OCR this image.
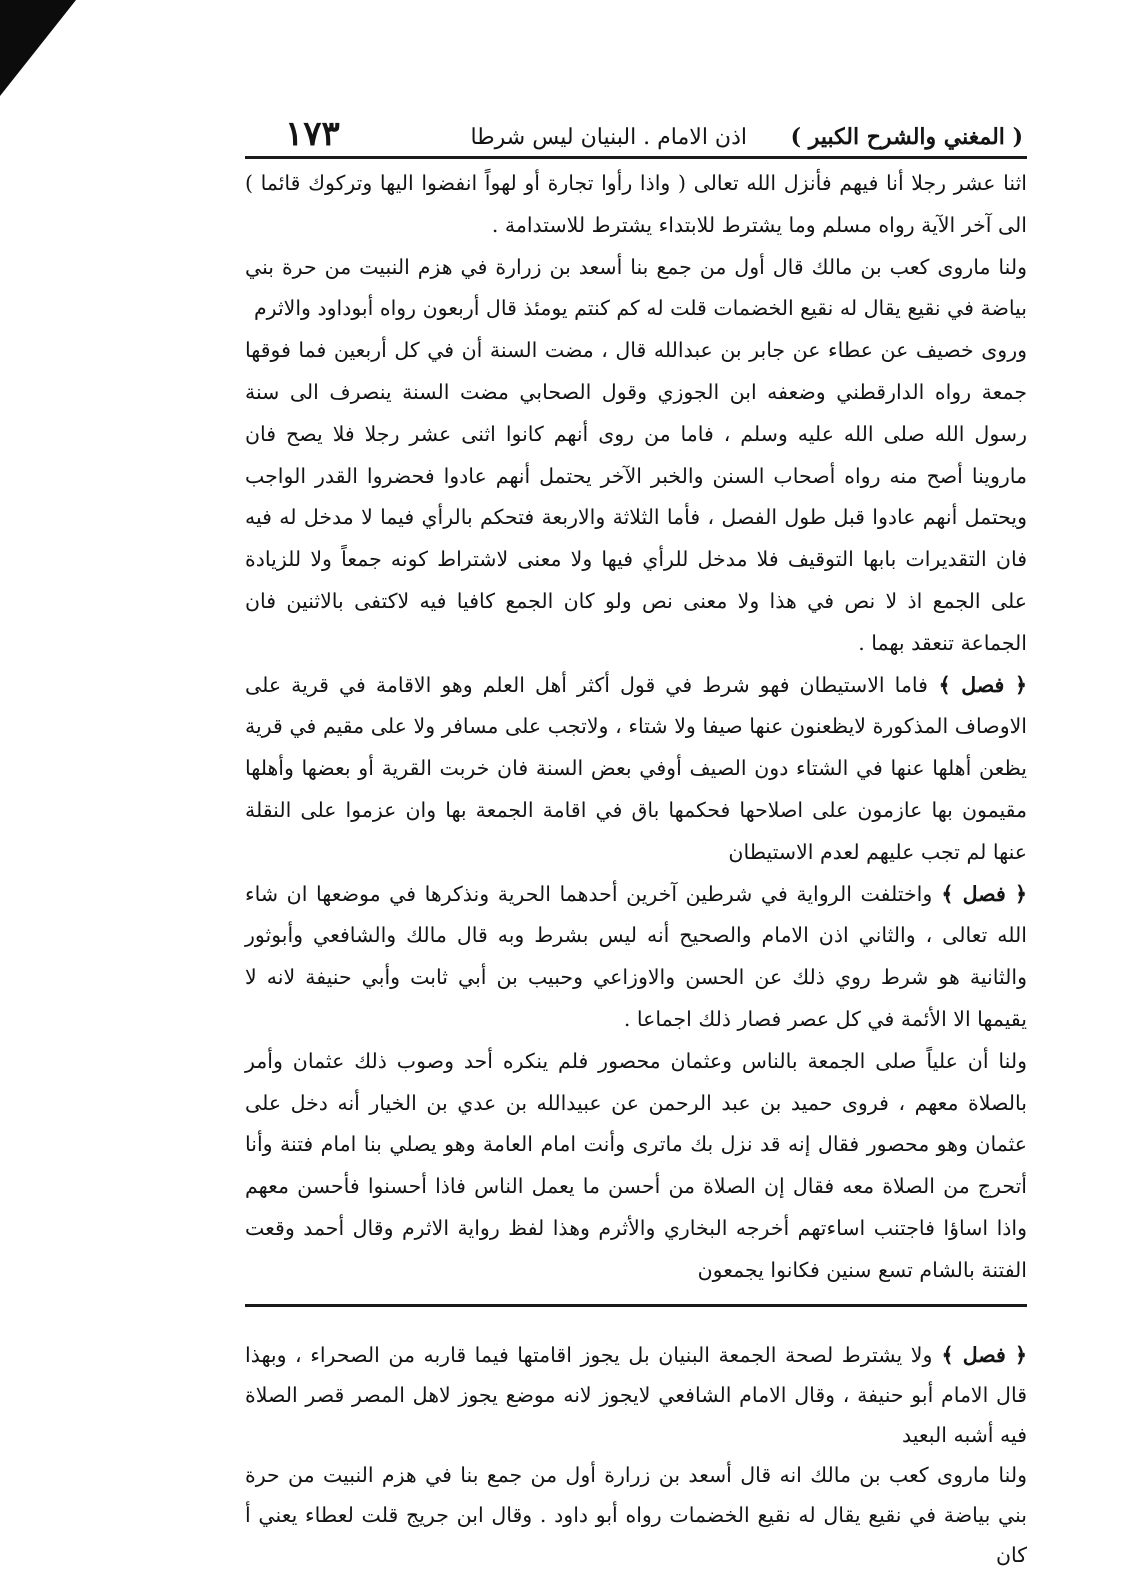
( المغني والشرح الكبير )
اذن الامام . البنيان ليس شرطا
١٧٣

اثنا عشر رجلا أنا فيهم فأنزل الله تعالى ( واذا رأوا تجارة أو لهواً انفضوا اليها وتركوك قائما ) الى آخر الآية رواه مسلم وما يشترط للابتداء يشترط للاستدامة .

ولنا ماروى كعب بن مالك قال أول من جمع بنا أسعد بن زرارة في هزم النبيت من حرة بني بياضة في نقيع يقال له نقيع الخضمات قلت له كم كنتم يومئذ قال أربعون رواه أبوداود والاثرم

وروى خصيف عن عطاء عن جابر بن عبدالله قال ، مضت السنة أن في كل أربعين فما فوقها جمعة رواه الدارقطني وضعفه ابن الجوزي وقول الصحابي مضت السنة ينصرف الى سنة رسول الله صلى الله عليه وسلم ، فاما من روى أنهم كانوا اثنى عشر رجلا فلا يصح فان ماروينا أصح منه رواه أصحاب السنن والخبر الآخر يحتمل أنهم عادوا فحضروا القدر الواجب ويحتمل أنهم عادوا قبل طول الفصل ، فأما الثلاثة والاربعة فتحكم بالرأي فيما لا مدخل له فيه فان التقديرات بابها التوقيف فلا مدخل للرأي فيها ولا معنى لاشتراط كونه جمعاً ولا للزيادة على الجمع اذ لا نص في هذا ولا معنى نص ولو كان الجمع كافيا فيه لاكتفى بالاثنين فان الجماعة تنعقد بهما .

﴿ فصل ﴾ فاما الاستيطان فهو شرط في قول أكثر أهل العلم وهو الاقامة في قرية على الاوصاف المذكورة لايظعنون عنها صيفا ولا شتاء ، ولاتجب على مسافر ولا على مقيم في قرية يظعن أهلها عنها في الشتاء دون الصيف أوفي بعض السنة فان خربت القرية أو بعضها وأهلها مقيمون بها عازمون على اصلاحها فحكمها باق في اقامة الجمعة بها وان عزموا على النقلة عنها لم تجب عليهم لعدم الاستيطان

﴿ فصل ﴾ واختلفت الرواية في شرطين آخرين أحدهما الحرية ونذكرها في موضعها ان شاء الله تعالى ، والثاني اذن الامام والصحيح أنه ليس بشرط وبه قال مالك والشافعي وأبوثور والثانية هو شرط روي ذلك عن الحسن والاوزاعي وحبيب بن أبي ثابت وأبي حنيفة لانه لا يقيمها الا الأئمة في كل عصر فصار ذلك اجماعا .

ولنا أن علياً صلى الجمعة بالناس وعثمان محصور فلم ينكره أحد وصوب ذلك عثمان وأمر بالصلاة معهم ، فروى حميد بن عبد الرحمن عن عبيدالله بن عدي بن الخيار أنه دخل على عثمان وهو محصور فقال إنه قد نزل بك ماترى وأنت امام العامة وهو يصلي بنا امام فتنة وأنا أتحرج من الصلاة معه فقال إن الصلاة من أحسن ما يعمل الناس فاذا أحسنوا فأحسن معهم واذا اساؤا فاجتنب اساءتهم أخرجه البخاري والأثرم وهذا لفظ رواية الاثرم وقال أحمد وقعت الفتنة بالشام تسع سنين فكانوا يجمعون

﴿ فصل ﴾ ولا يشترط لصحة الجمعة البنيان بل يجوز اقامتها فيما قاربه من الصحراء ، وبهذا قال الامام أبو حنيفة ، وقال الامام الشافعي لايجوز لانه موضع يجوز لاهل المصر قصر الصلاة فيه أشبه البعيد

ولنا ماروى كعب بن مالك انه قال أسعد بن زرارة أول من جمع بنا في هزم النبيت من حرة بني بياضة في نقيع يقال له نقيع الخضمات رواه أبو داود . وقال ابن جريج قلت لعطاء يعني أ كان
